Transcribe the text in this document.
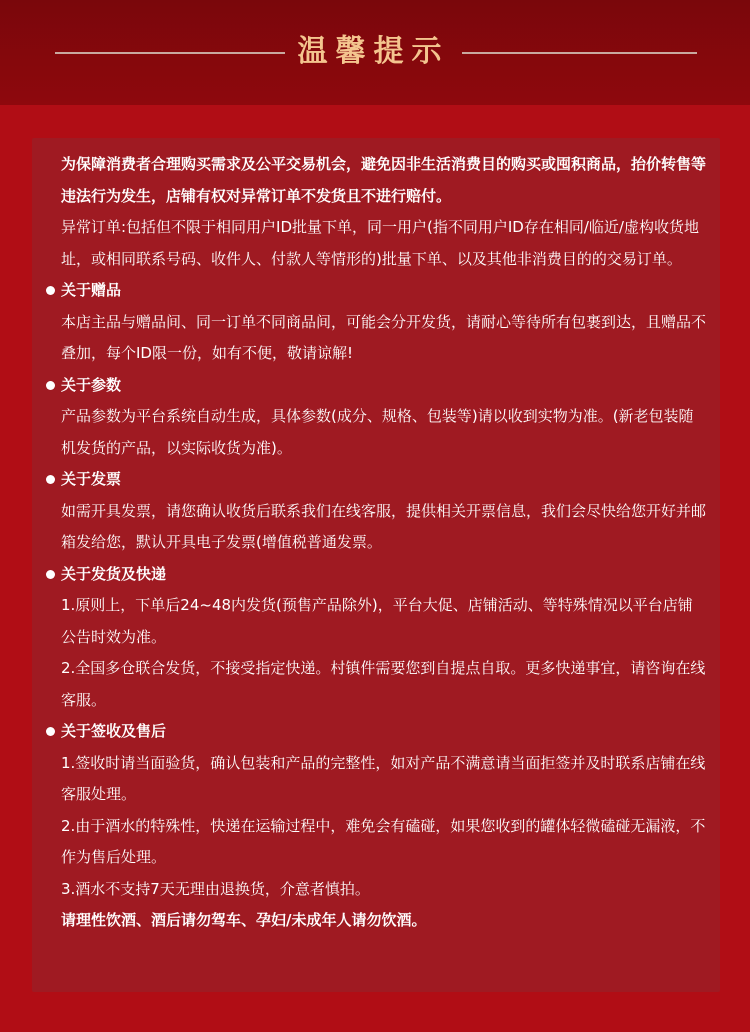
温馨提示

为保障消费者合理购买需求及公平交易机会，避免因非生活消费目的购买或囤积商品，抬价转售等违法行为发生，店铺有权对异常订单不发货且不进行赔付。

异常订单:包括但不限于相同用户ID批量下单，同一用户(指不同用户ID存在相同/临近/虚构收货地址，或相同联系号码、收件人、付款人等情形的)批量下单、以及其他非消费目的的交易订单。

关于赠品

本店主品与赠品间、同一订单不同商品间，可能会分开发货，请耐心等待所有包裹到达，且赠品不叠加，每个ID限一份，如有不便，敬请谅解!

关于参数

产品参数为平台系统自动生成，具体参数(成分、规格、包装等)请以收到实物为准。(新老包装随机发货的产品，以实际收货为准)。

关于发票

如需开具发票，请您确认收货后联系我们在线客服，提供相关开票信息，我们会尽快给您开好并邮箱发给您，默认开具电子发票(增值税普通发票。

关于发货及快递

1.原则上，下单后24~48内发货(预售产品除外)，平台大促、店铺活动、等特殊情况以平台店铺公告时效为准。

2.全国多仓联合发货，不接受指定快递。村镇件需要您到自提点自取。更多快递事宜，请咨询在线客服。

关于签收及售后

1.签收时请当面验货，确认包装和产品的完整性，如对产品不满意请当面拒签并及时联系店铺在线客服处理。

2.由于酒水的特殊性，快递在运输过程中，难免会有磕碰，如果您收到的罐体轻微磕碰无漏液，不作为售后处理。

3.酒水不支持7天无理由退换货，介意者慎拍。

请理性饮酒、酒后请勿驾车、孕妇/未成年人请勿饮酒。
